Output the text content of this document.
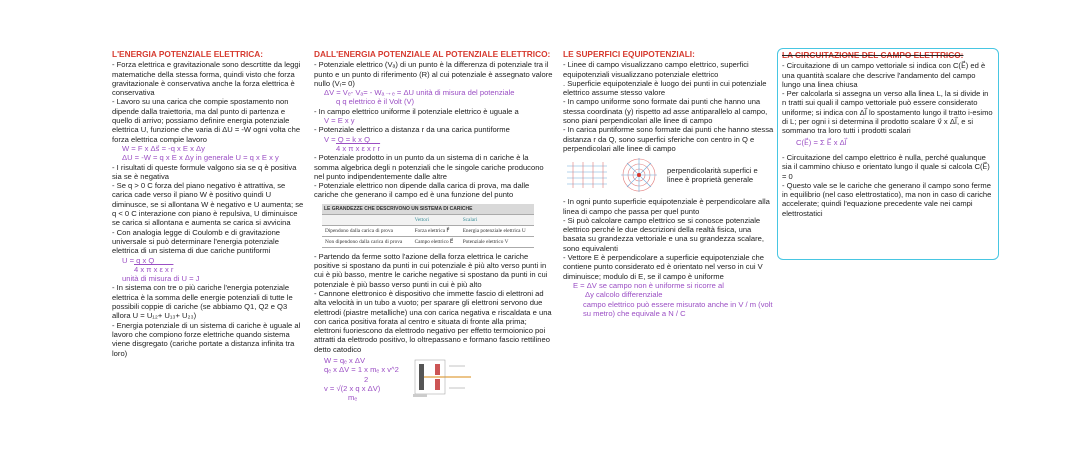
L'ENERGIA POTENZIALE ELETTRICA:

- Forza elettrica e gravitazionale sono descrtitte da leggi matematiche della stessa forma, quindi visto che forza gravitazionale è conservativa anche la forza elettrica è conservativa

- Lavoro su una carica che compie spostamento non dipende dalla traiettoria, ma dal punto di partenza e quello di arrivo; possiamo definire energia potenziale elettrica U, funzione che varia di ΔU = -W ogni volta che forza elettrica compie lavoro

W = F x Δs⃗ = -q x E x Δy

ΔU = -W = q x E x Δy in generale U = q x E x y

- I risultati di queste formule valgono sia se q è positiva sia se è negativa

- Se q > 0 C forza del piano negativo è attrattiva, se carica cade verso il piano W è positivo quindi U diminusce, se si allontana W è negativo e U aumenta; se q < 0 C interazione con piano è repulsiva, U diminuisce se carica si allontana e aumenta se carica si avvicina

- Con analogia legge di Coulomb e di gravitazione universale si può determinare l'energia potenziale elettrica di un sistema di due cariche puntiformi

U = q x Q

4 x π x ε x r

unità di misura di U = J

- In sistema con tre o più cariche l'energia potenziale elettrica è la somma delle energie potenziali di tutte le possibili coppie di cariche (se abbiamo Q1, Q2 e Q3 allora U = U₁₂+ U₁₃+ U₂₃)

- Energia potenziale di un sistema di cariche è uguale al lavoro che compiono forze elettriche quando sistema viene disgregato (cariche portate a distanza infinita tra loro)

DALL'ENERGIA POTENZIALE AL POTENZIALE ELETTRICO:

- Potenziale elettrico (Vₐ) di un punto è la differenza di potenziale tra il punto e un punto di riferimento (R) al cui potenziale è assegnato valore nullo (Vᵣ= 0)

ΔV = Vₑ- Vₐ= - Wₐ→ₑ = ΔU unità di misura del potenziale

q q elettrico è il Volt (V)

- In campo elettrico uniforme il potenziale elettrico è uguale a

V = E x y

- Potenziale elettrico a distanza r da una carica puntiforme

V = Q = k x Q

4 x π x ε x r r

- Potenziale prodotto in un punto da un sistema di n cariche è la somma algebrica degli n potenziali che le singole cariche producono nel punto indipendentemente dalle altre

- Potenziale elettrico non dipende dalla carica di prova, ma dalle cariche che generano il campo ed è una funzione del punto

LE GRANDEZZE CHE DESCRIVONO UN SISTEMA DI CARICHE		
	Vettori	Scalari
Dipendono dalla carica di prova	Forza elettrica F⃗	Energia potenziale elettrica U
Non dipendono dalla carica di prova	Campo elettrico E⃗	Potenziale elettrico V

- Partendo da ferme sotto l'azione della forza elettrica le cariche positive si spostano da punti in cui potenziale è più alto verso punti in cui è più basso, mentre le cariche negative si spostano da punti in cui potenziale è più basso verso punti in cui è più alto

- Cannone elettronico è dispositivo che immette fascio di elettroni ad alta velocità in un tubo a vuoto; per sparare gli elettroni servono due elettrodi (piastre metalliche) una con carica negativa e riscaldata e una con carica positiva forata al centro e situata di fronte alla prima; elettroni fuoriescono da elettrodo negativo per effetto termoionico poi attratti da elettrodo positivo, lo oltrepassano e formano fascio rettilineo detto catodico

W = qₑ x ΔV

qₑ x ΔV = 1 x mₑ x v^2

2

v = √(2 x q x ΔV)

mₑ

LE SUPERFICI EQUIPOTENZIALI:

- Linee di campo visualizzano campo elettrico, superfici equipotenziali visualizzano potenziale elettrico

. Superficie equipotenziale è luogo dei punti in cui potenziale elettrico assume stesso valore

- In campo uniforme sono formate dai punti che hanno una stessa coordinata (y) rispetto ad asse antiparallelo al campo, sono piani perpendicolari alle linee di campo

- In carica puntiforme sono formate dai punti che hanno stessa distanza r da Q, sono superfici sferiche con centro in Q e perpendicolari alle linee di campo

perpendicolarità superfici e linee è proprietà generale

- In ogni punto superficie equipotenziale è perpendicolare alla linea di campo che passa per quel punto

- Si può calcolare campo elettrico se si conosce potenziale elettrico perché le due descrizioni della realtà fisica, una basata su grandezza vettoriale e una su grandezza scalare, sono equivalenti

- Vettore E è perpendicolare a superficie equipotenziale che contiene punto considerato ed è orientato nel verso in cui V diminuisce; modulo di E, se il campo è uniforme

E = ΔV se campo non è uniforme si ricorre al

Δy calcolo differenziale

campo elettrico può essere misurato anche in V / m (volt su metro) che equivale a N / C

LA CIRCUITAZIONE DEL CAMPO ELETTRICO:

- Circuitazione di un campo vettoriale si indica con C(E⃗) ed è una quantità scalare che descrive l'andamento del campo lungo una linea chiusa

- Per calcolarla si assegna un verso alla linea L, la si divide in n tratti sui quali il campo vettoriale può essere considerato uniforme; si indica con Δl⃗ lo spostamento lungo il tratto i-esimo di L; per ogni i si determina il prodotto scalare v⃗ x Δl⃗, e si sommano tra loro tutti i prodotti scalari

C(E⃗) = Σ E⃗ x Δl⃗

- Circuitazione del campo elettrico è nulla, perché qualunque sia il cammino chiuso e orientato lungo il quale si calcola C(E⃗) = 0

- Questo vale se le cariche che generano il campo sono ferme in equilibrio (nel caso elettrostatico), ma non in caso di cariche accelerate; quindi l'equazione precedente vale nei campi elettrostatici
